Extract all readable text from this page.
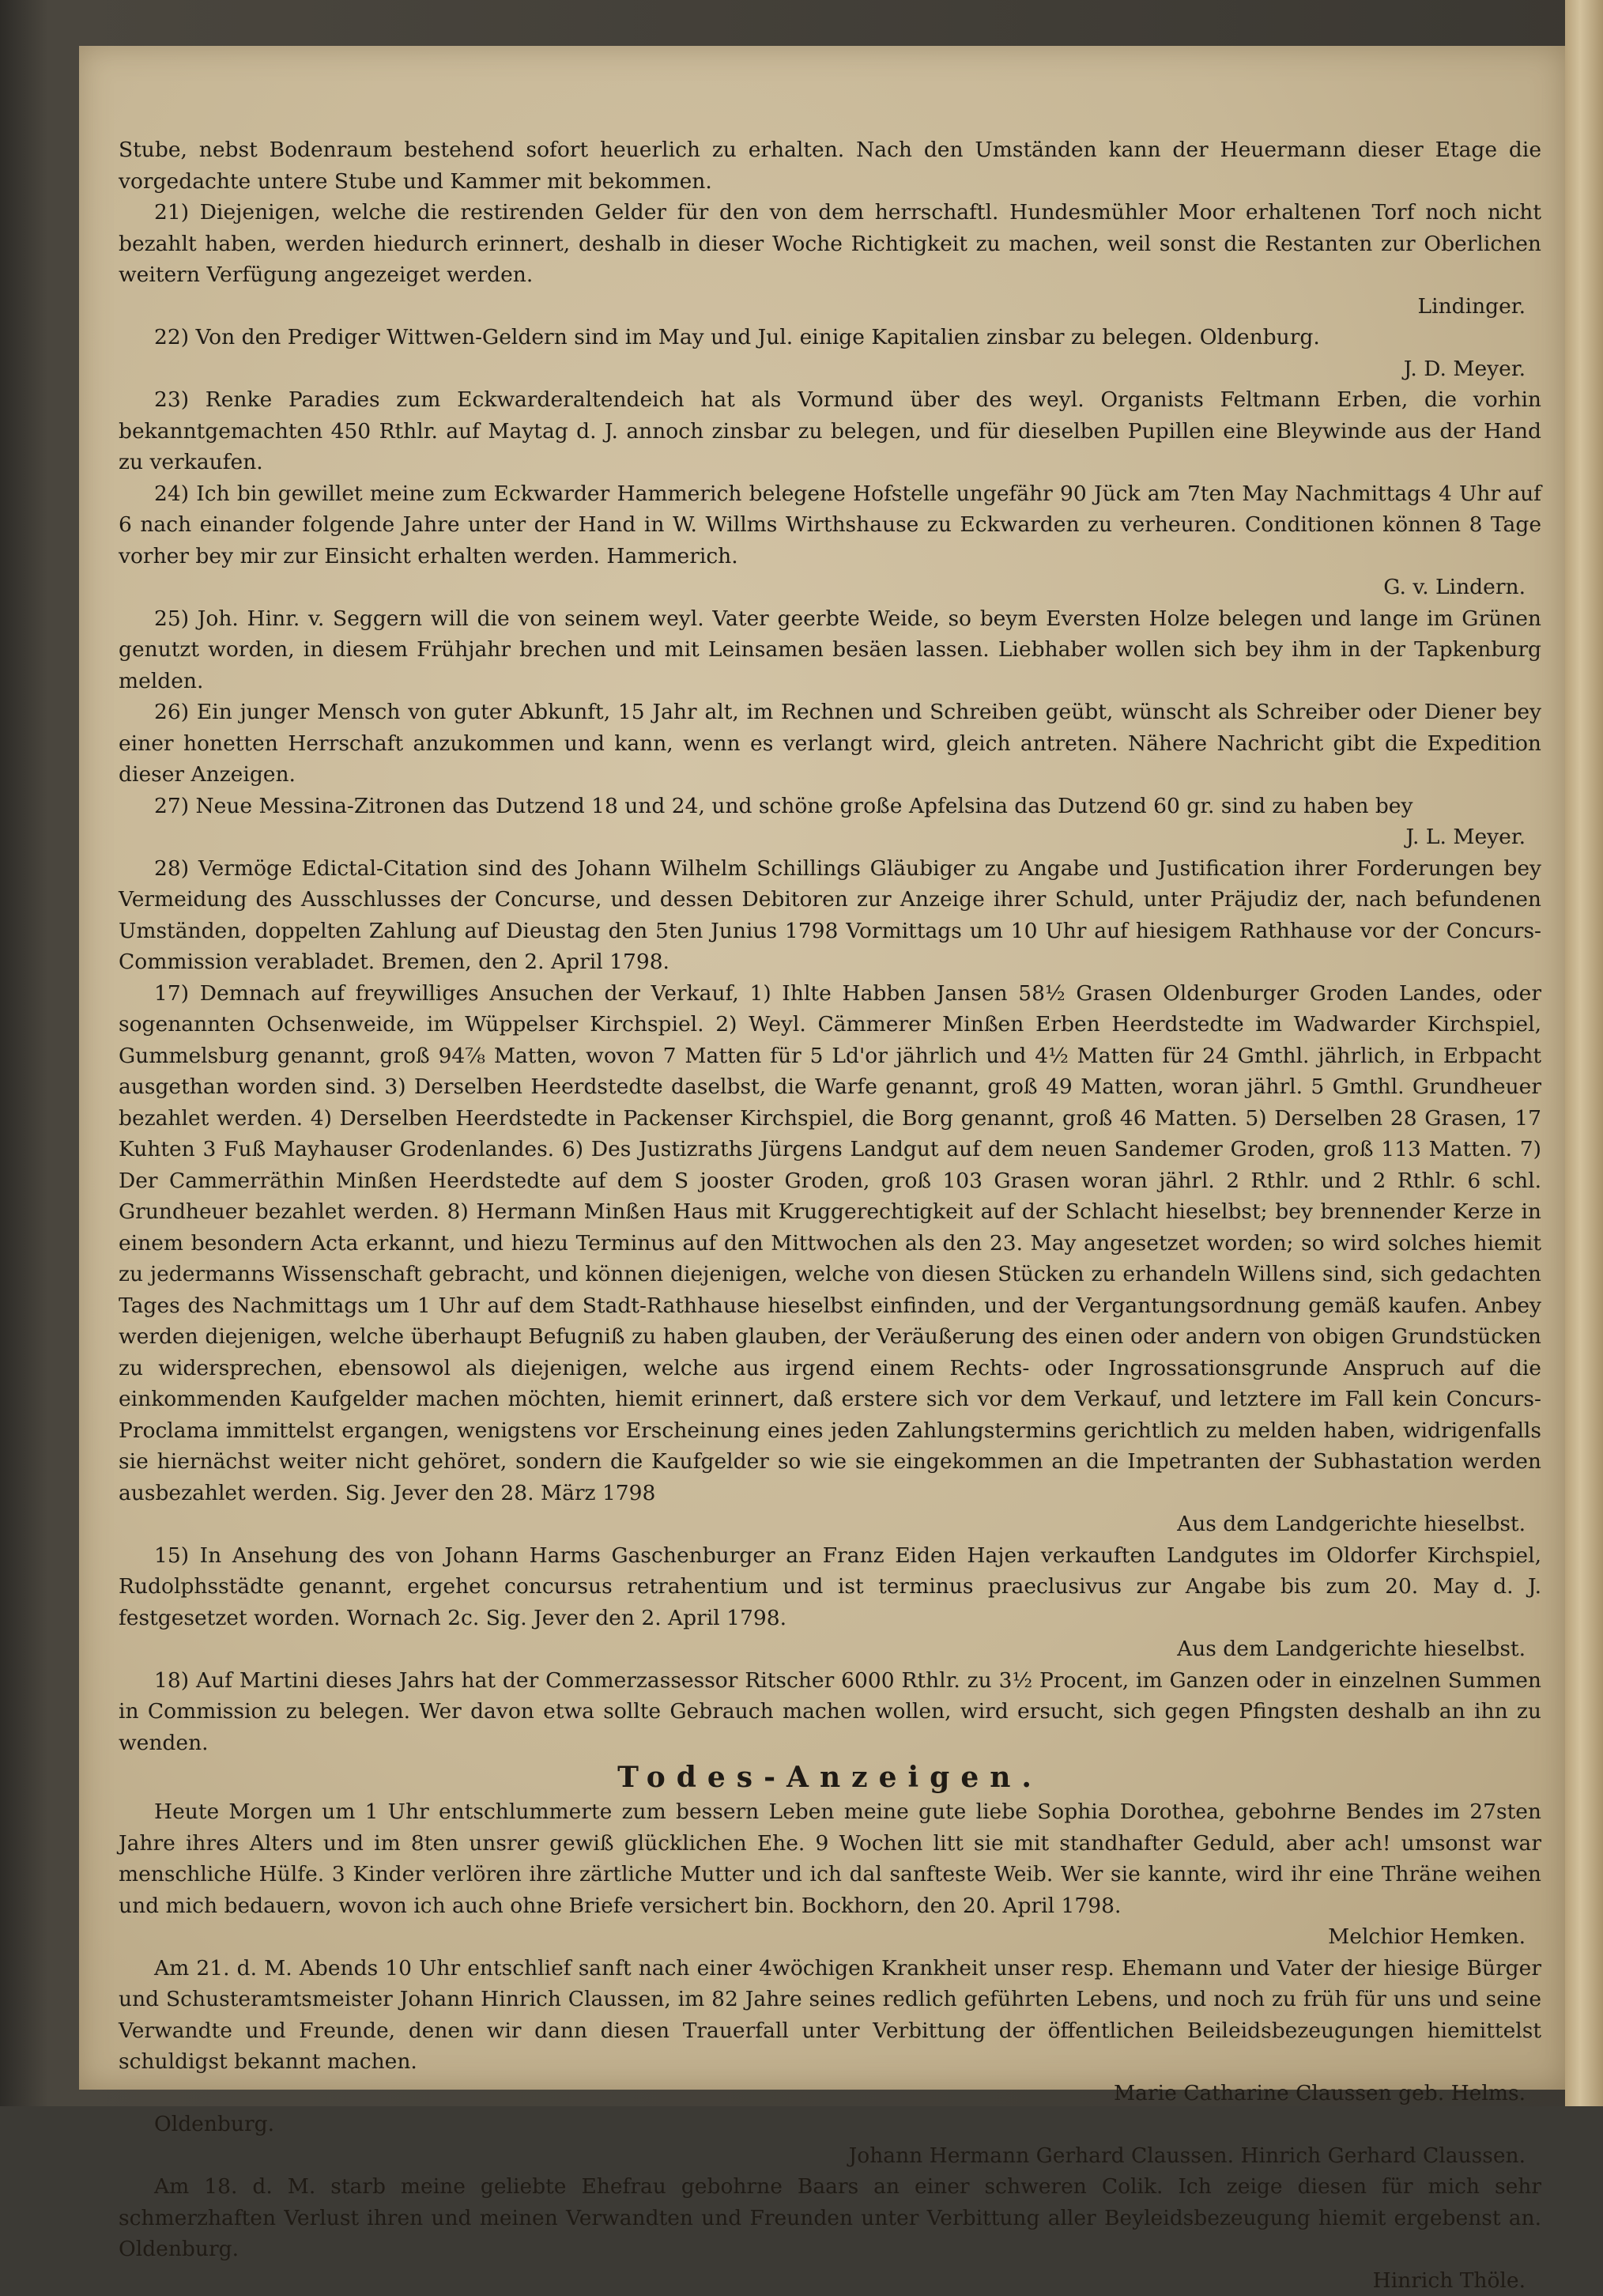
Stube, nebst Bodenraum bestehend sofort heuerlich zu erhalten. Nach den Umständen kann der Heuermann dieser Etage die vorgedachte untere Stube und Kammer mit bekommen.

21) Diejenigen, welche die restirenden Gelder für den von dem herrschaftl. Hundesmühler Moor erhaltenen Torf noch nicht bezahlt haben, werden hiedurch erinnert, deshalb in dieser Woche Richtigkeit zu machen, weil sonst die Restanten zur Oberlichen weitern Verfügung angezeiget werden.

Lindinger.

22) Von den Prediger Wittwen-Geldern sind im May und Jul. einige Kapitalien zinsbar zu belegen. Oldenburg.

J. D. Meyer.

23) Renke Paradies zum Eckwarderaltendeich hat als Vormund über des weyl. Organists Feltmann Erben, die vorhin bekanntgemachten 450 Rthlr. auf Maytag d. J. annoch zinsbar zu belegen, und für dieselben Pupillen eine Bleywinde aus der Hand zu verkaufen.

24) Ich bin gewillet meine zum Eckwarder Hammerich belegene Hofstelle ungefähr 90 Jück am 7ten May Nachmittags 4 Uhr auf 6 nach einander folgende Jahre unter der Hand in W. Willms Wirthshause zu Eckwarden zu verheuren. Conditionen können 8 Tage vorher bey mir zur Einsicht erhalten werden. Hammerich.

G. v. Lindern.

25) Joh. Hinr. v. Seggern will die von seinem weyl. Vater geerbte Weide, so beym Eversten Holze belegen und lange im Grünen genutzt worden, in diesem Frühjahr brechen und mit Leinsamen besäen lassen. Liebhaber wollen sich bey ihm in der Tapkenburg melden.

26) Ein junger Mensch von guter Abkunft, 15 Jahr alt, im Rechnen und Schreiben geübt, wünscht als Schreiber oder Diener bey einer honetten Herrschaft anzukommen und kann, wenn es verlangt wird, gleich antreten. Nähere Nachricht gibt die Expedition dieser Anzeigen.

27) Neue Messina-Zitronen das Dutzend 18 und 24, und schöne große Apfelsina das Dutzend 60 gr. sind zu haben bey

J. L. Meyer.

28) Vermöge Edictal-Citation sind des Johann Wilhelm Schillings Gläubiger zu Angabe und Justification ihrer Forderungen bey Vermeidung des Ausschlusses der Concurse, und dessen Debitoren zur Anzeige ihrer Schuld, unter Präjudiz der, nach befundenen Umständen, doppelten Zahlung auf Dieustag den 5ten Junius 1798 Vormittags um 10 Uhr auf hiesigem Rathhause vor der Concurs-Commission verabladet. Bremen, den 2. April 1798.

17) Demnach auf freywilliges Ansuchen der Verkauf, 1) Ihlte Habben Jansen 58½ Grasen Oldenburger Groden Landes, oder sogenannten Ochsenweide, im Wüppelser Kirchspiel. 2) Weyl. Cämmerer Minßen Erben Heerdstedte im Wadwarder Kirchspiel, Gummelsburg genannt, groß 94⅞ Matten, wovon 7 Matten für 5 Ld'or jährlich und 4½ Matten für 24 Gmthl. jährlich, in Erbpacht ausgethan worden sind. 3) Derselben Heerdstedte daselbst, die Warfe genannt, groß 49 Matten, woran jährl. 5 Gmthl. Grundheuer bezahlet werden. 4) Derselben Heerdstedte in Packenser Kirchspiel, die Borg genannt, groß 46 Matten. 5) Derselben 28 Grasen, 17 Kuhten 3 Fuß Mayhauser Grodenlandes. 6) Des Justizraths Jürgens Landgut auf dem neuen Sandemer Groden, groß 113 Matten. 7) Der Cammerräthin Minßen Heerdstedte auf dem S jooster Groden, groß 103 Grasen woran jährl. 2 Rthlr. und 2 Rthlr. 6 schl. Grundheuer bezahlet werden. 8) Hermann Minßen Haus mit Kruggerechtigkeit auf der Schlacht hieselbst; bey brennender Kerze in einem besondern Acta erkannt, und hiezu Terminus auf den Mittwochen als den 23. May angesetzet worden; so wird solches hiemit zu jedermanns Wissenschaft gebracht, und können diejenigen, welche von diesen Stücken zu erhandeln Willens sind, sich gedachten Tages des Nachmittags um 1 Uhr auf dem Stadt-Rathhause hieselbst einfinden, und der Vergantungsordnung gemäß kaufen. Anbey werden diejenigen, welche überhaupt Befugniß zu haben glauben, der Veräußerung des einen oder andern von obigen Grundstücken zu widersprechen, ebensowol als diejenigen, welche aus irgend einem Rechts- oder Ingrossationsgrunde Anspruch auf die einkommenden Kaufgelder machen möchten, hiemit erinnert, daß erstere sich vor dem Verkauf, und letztere im Fall kein Concurs-Proclama immittelst ergangen, wenigstens vor Erscheinung eines jeden Zahlungstermins gerichtlich zu melden haben, widrigenfalls sie hiernächst weiter nicht gehöret, sondern die Kaufgelder so wie sie eingekommen an die Impetranten der Subhastation werden ausbezahlet werden. Sig. Jever den 28. März 1798

Aus dem Landgerichte hieselbst.

15) In Ansehung des von Johann Harms Gaschenburger an Franz Eiden Hajen verkauften Landgutes im Oldorfer Kirchspiel, Rudolphsstädte genannt, ergehet concursus retrahentium und ist terminus praeclusivus zur Angabe bis zum 20. May d. J. festgesetzet worden. Wornach 2c. Sig. Jever den 2. April 1798.

Aus dem Landgerichte hieselbst.

18) Auf Martini dieses Jahrs hat der Commerzassessor Ritscher 6000 Rthlr. zu 3½ Procent, im Ganzen oder in einzelnen Summen in Commission zu belegen. Wer davon etwa sollte Gebrauch machen wollen, wird ersucht, sich gegen Pfingsten deshalb an ihn zu wenden.

Todes-Anzeigen.

Heute Morgen um 1 Uhr entschlummerte zum bessern Leben meine gute liebe Sophia Dorothea, gebohrne Bendes im 27sten Jahre ihres Alters und im 8ten unsrer gewiß glücklichen Ehe. 9 Wochen litt sie mit standhafter Geduld, aber ach! umsonst war menschliche Hülfe. 3 Kinder verlören ihre zärtliche Mutter und ich dal sanfteste Weib. Wer sie kannte, wird ihr eine Thräne weihen und mich bedauern, wovon ich auch ohne Briefe versichert bin. Bockhorn, den 20. April 1798.

Melchior Hemken.

Am 21. d. M. Abends 10 Uhr entschlief sanft nach einer 4wöchigen Krankheit unser resp. Ehemann und Vater der hiesige Bürger und Schusteramtsmeister Johann Hinrich Claussen, im 82 Jahre seines redlich geführten Lebens, und noch zu früh für uns und seine Verwandte und Freunde, denen wir dann diesen Trauerfall unter Verbittung der öffentlichen Beileidsbezeugungen hiemittelst schuldigst bekannt machen.

Marie Catharine Claussen geb. Helms.

Oldenburg.

Johann Hermann Gerhard Claussen. Hinrich Gerhard Claussen.

Am 18. d. M. starb meine geliebte Ehefrau gebohrne Baars an einer schweren Colik. Ich zeige diesen für mich sehr schmerzhaften Verlust ihren und meinen Verwandten und Freunden unter Verbittung aller Beyleidsbezeugung hiemit ergebenst an. Oldenburg.

Hinrich Thöle.
